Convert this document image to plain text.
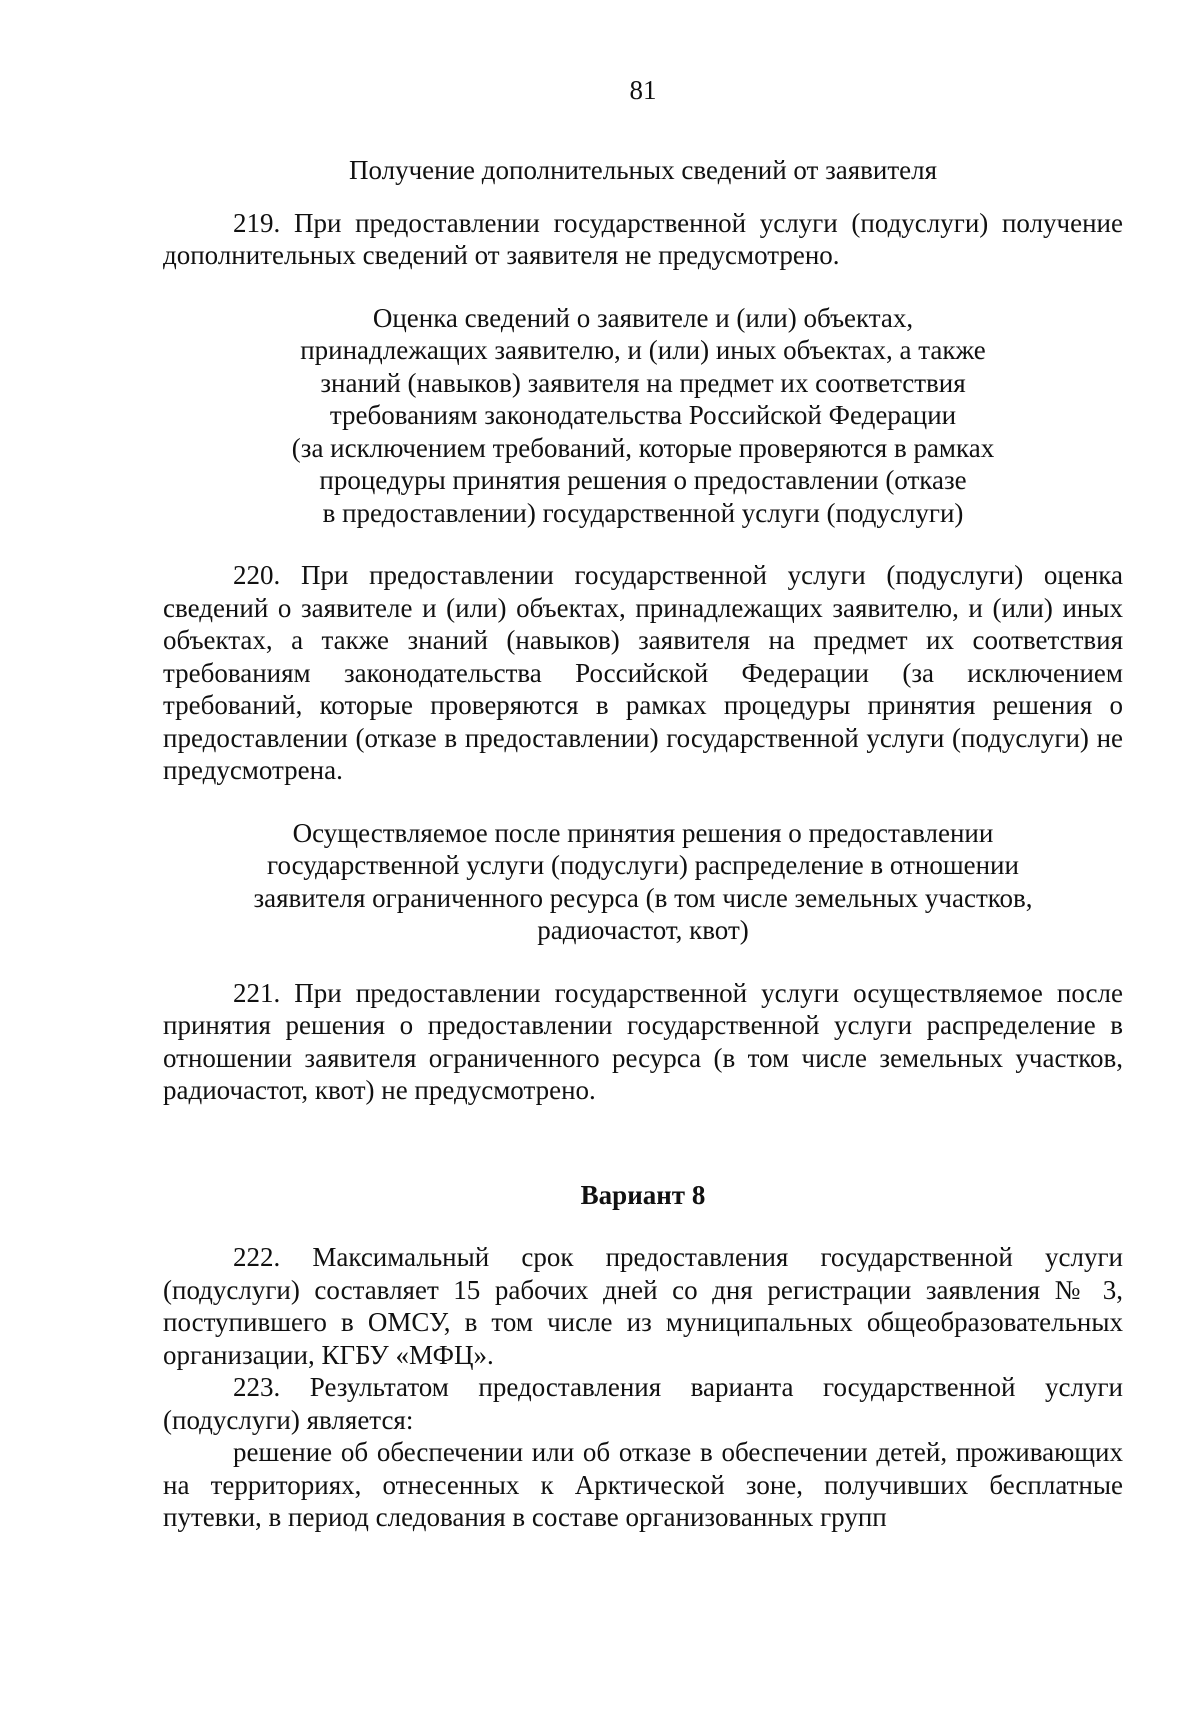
81

Получение дополнительных сведений от заявителя

219. При предоставлении государственной услуги (подуслуги) получение дополнительных сведений от заявителя не предусмотрено.

Оценка сведений о заявителе и (или) объектах,
принадлежащих заявителю, и (или) иных объектах, а также
знаний (навыков) заявителя на предмет их соответствия
требованиям законодательства Российской Федерации
(за исключением требований, которые проверяются в рамках
процедуры принятия решения о предоставлении (отказе
в предоставлении) государственной услуги (подуслуги)

220. При предоставлении государственной услуги (подуслуги) оценка сведений о заявителе и (или) объектах, принадлежащих заявителю, и (или) иных объектах, а также знаний (навыков) заявителя на предмет их соответствия требованиям законодательства Российской Федерации (за исключением требований, которые проверяются в рамках процедуры принятия решения о предоставлении (отказе в предоставлении) государственной услуги (подуслуги) не предусмотрена.

Осуществляемое после принятия решения о предоставлении
государственной услуги (подуслуги) распределение в отношении
заявителя ограниченного ресурса (в том числе земельных участков,
радиочастот, квот)

221. При предоставлении государственной услуги осуществляемое после принятия решения о предоставлении государственной услуги распределение в отношении заявителя ограниченного ресурса (в том числе земельных участков, радиочастот, квот) не предусмотрено.

Вариант 8

222. Максимальный срок предоставления государственной услуги (подуслуги) составляет 15 рабочих дней со дня регистрации заявления № 3, поступившего в ОМСУ, в том числе из муниципальных общеобразовательных организации, КГБУ «МФЦ».

223. Результатом предоставления варианта государственной услуги (подуслуги) является:

решение об обеспечении или об отказе в обеспечении детей, проживающих на территориях, отнесенных к Арктической зоне, получивших бесплатные путевки, в период следования в составе организованных групп
